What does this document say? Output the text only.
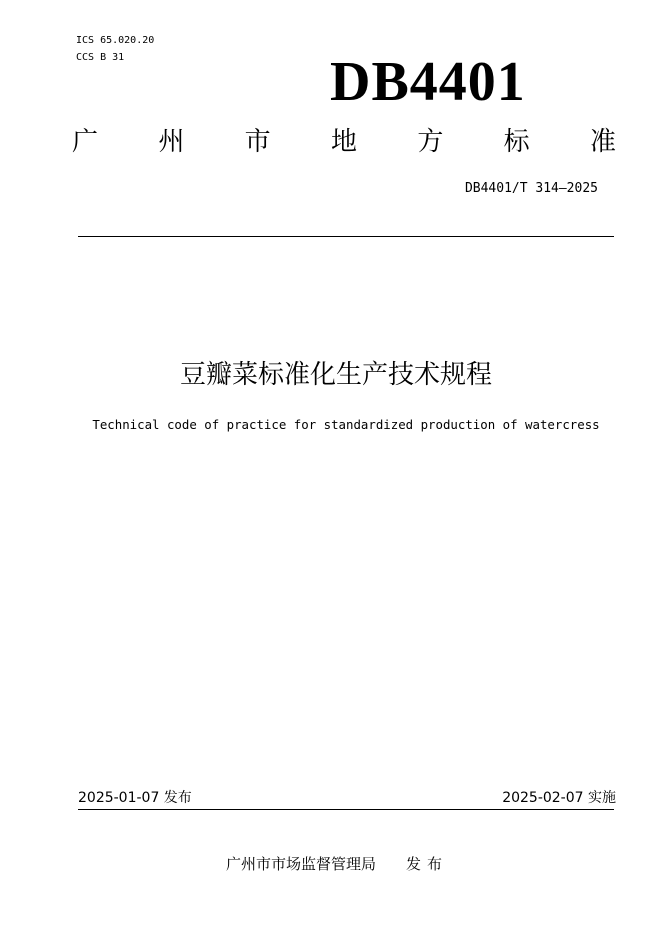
ICS 65.020.20
CCS B 31	DB4401
广 州 市 地 方 标 准
DB4401/T 314—2025
豆瓣菜标准化生产技术规程
Technical code of practice for standardized production of watercress
2025-01-07 发布	2025-02-07 实施
广州市市场监督管理局 发布
